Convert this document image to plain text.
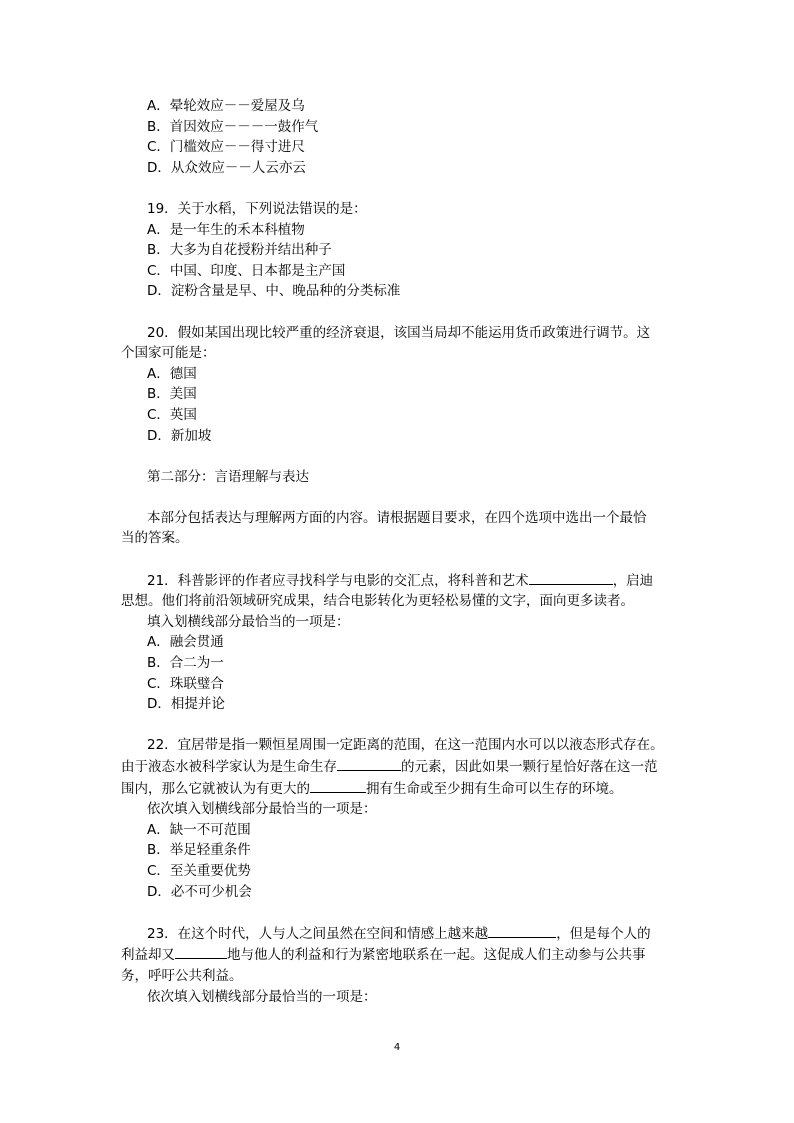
A．晕轮效应－－爱屋及乌
B．首因效应－－－一鼓作气
C．门槛效应－－得寸进尺
D．从众效应－－人云亦云
19．关于水稻，下列说法错误的是：
A．是一年生的禾本科植物
B．大多为自花授粉并结出种子
C．中国、印度、日本都是主产国
D．淀粉含量是早、中、晚品种的分类标准
20．假如某国出现比较严重的经济衰退，该国当局却不能运用货币政策进行调节。这
个国家可能是：
A．德国
B．美国
C．英国
D．新加坡
第二部分：言语理解与表达
本部分包括表达与理解两方面的内容。请根据题目要求，在四个选项中选出一个最恰
当的答案。
21．科普影评的作者应寻找科学与电影的交汇点，将科普和艺术	，启迪
思想。他们将前沿领域研究成果，结合电影转化为更轻松易懂的文字，面向更多读者。
填入划横线部分最恰当的一项是：
A．融会贯通
B．合二为一
C．珠联璧合
D．相提并论
22．宜居带是指一颗恒星周围一定距离的范围，在这一范围内水可以以液态形式存在。
由于液态水被科学家认为是生命生存	的元素，因此如果一颗行星恰好落在这一范
围内，那么它就被认为有更大的	拥有生命或至少拥有生命可以生存的环境。
依次填入划横线部分最恰当的一项是：
A．缺一不可范围
B．举足轻重条件
C．至关重要优势
D．必不可少机会
23．在这个时代，人与人之间虽然在空间和情感上越来越	，但是每个人的
利益却又	地与他人的利益和行为紧密地联系在一起。这促成人们主动参与公共事
务，呼吁公共利益。
依次填入划横线部分最恰当的一项是：
4
